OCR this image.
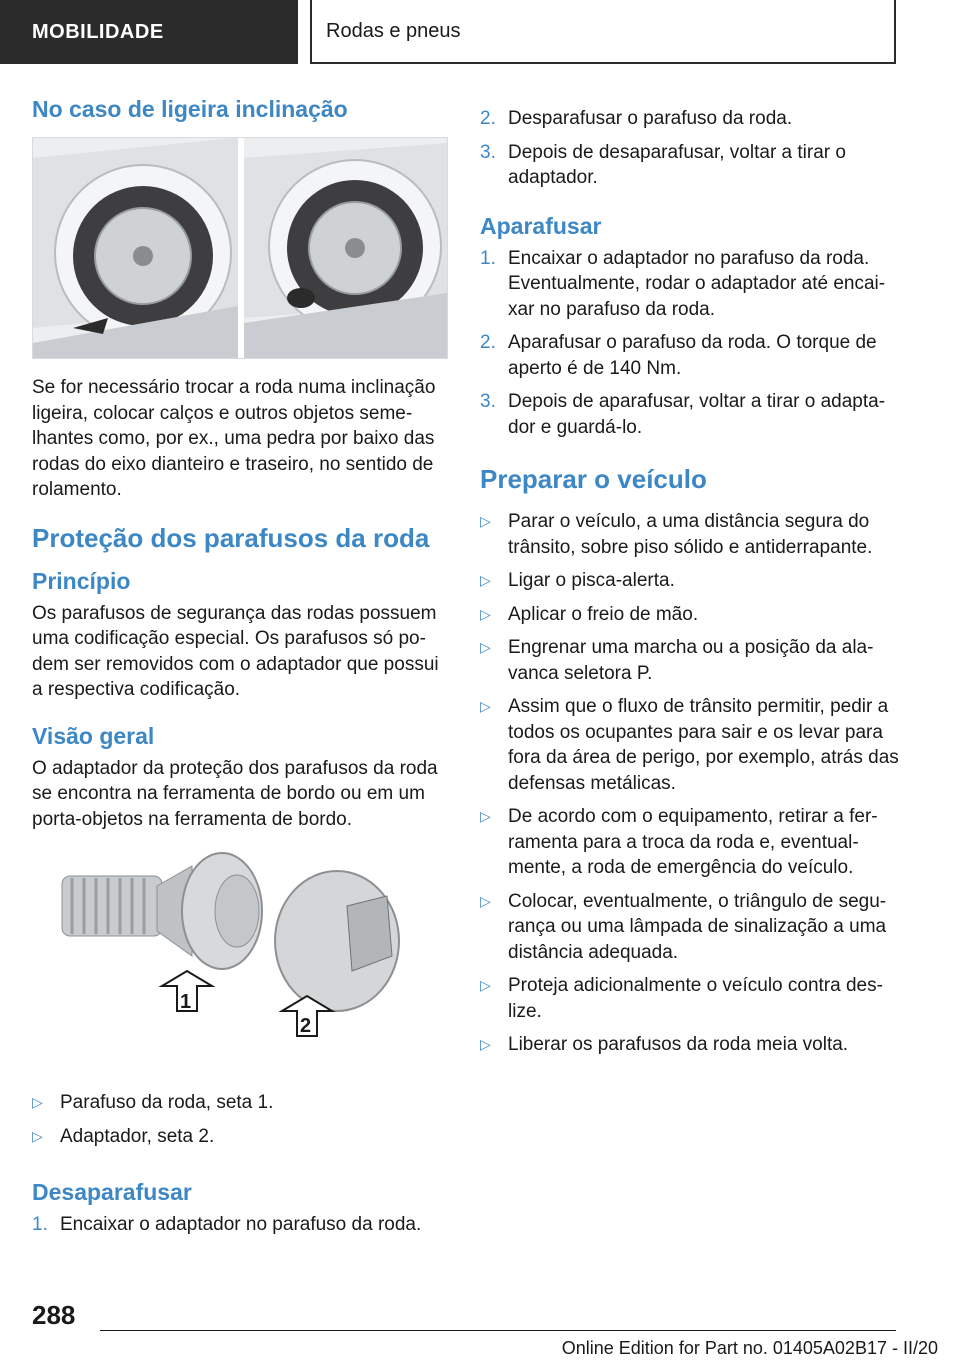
MOBILIDADE	Rodas e pneus
No caso de ligeira inclinação

Se for necessário trocar a roda numa inclinação ligeira, colocar calços e outros objetos seme-lhantes como, por ex., uma pedra por baixo das rodas do eixo dianteiro e traseiro, no sentido de rolamento.

Proteção dos parafusos da roda
Princípio

Os parafusos de segurança das rodas possuem uma codificação especial. Os parafusos só po-dem ser removidos com o adaptador que possui a respectiva codificação.

Visão geral

O adaptador da proteção dos parafusos da roda se encontra na ferramenta de bordo ou em um porta-objetos na ferramenta de bordo.

1
2
▷ Parafuso da roda, seta 1.
▷ Adaptador, seta 2.
Desaparafusar
1. Encaixar o adaptador no parafuso da roda.
2. Desparafusar o parafuso da roda.
3. Depois de desaparafusar, voltar a tirar o adaptador.
Aparafusar
1. Encaixar o adaptador no parafuso da roda. Eventualmente, rodar o adaptador até encai-xar no parafuso da roda.
2. Aparafusar o parafuso da roda. O torque de aperto é de 140 Nm.
3. Depois de aparafusar, voltar a tirar o adapta-dor e guardá-lo.
Preparar o veículo
▷ Parar o veículo, a uma distância segura do trânsito, sobre piso sólido e antiderrapante.
▷ Ligar o pisca-alerta.
▷ Aplicar o freio de mão.
▷ Engrenar uma marcha ou a posição da ala-vanca seletora P.
▷ Assim que o fluxo de trânsito permitir, pedir a todos os ocupantes para sair e os levar para fora da área de perigo, por exemplo, atrás das defensas metálicas.
▷ De acordo com o equipamento, retirar a fer-ramenta para a troca da roda e, eventual-mente, a roda de emergência do veículo.
▷ Colocar, eventualmente, o triângulo de segu-rança ou uma lâmpada de sinalização a uma distância adequada.
▷ Proteja adicionalmente o veículo contra des-lize.
▷ Liberar os parafusos da roda meia volta.
288
Online Edition for Part no. 01405A02B17 - II/20
